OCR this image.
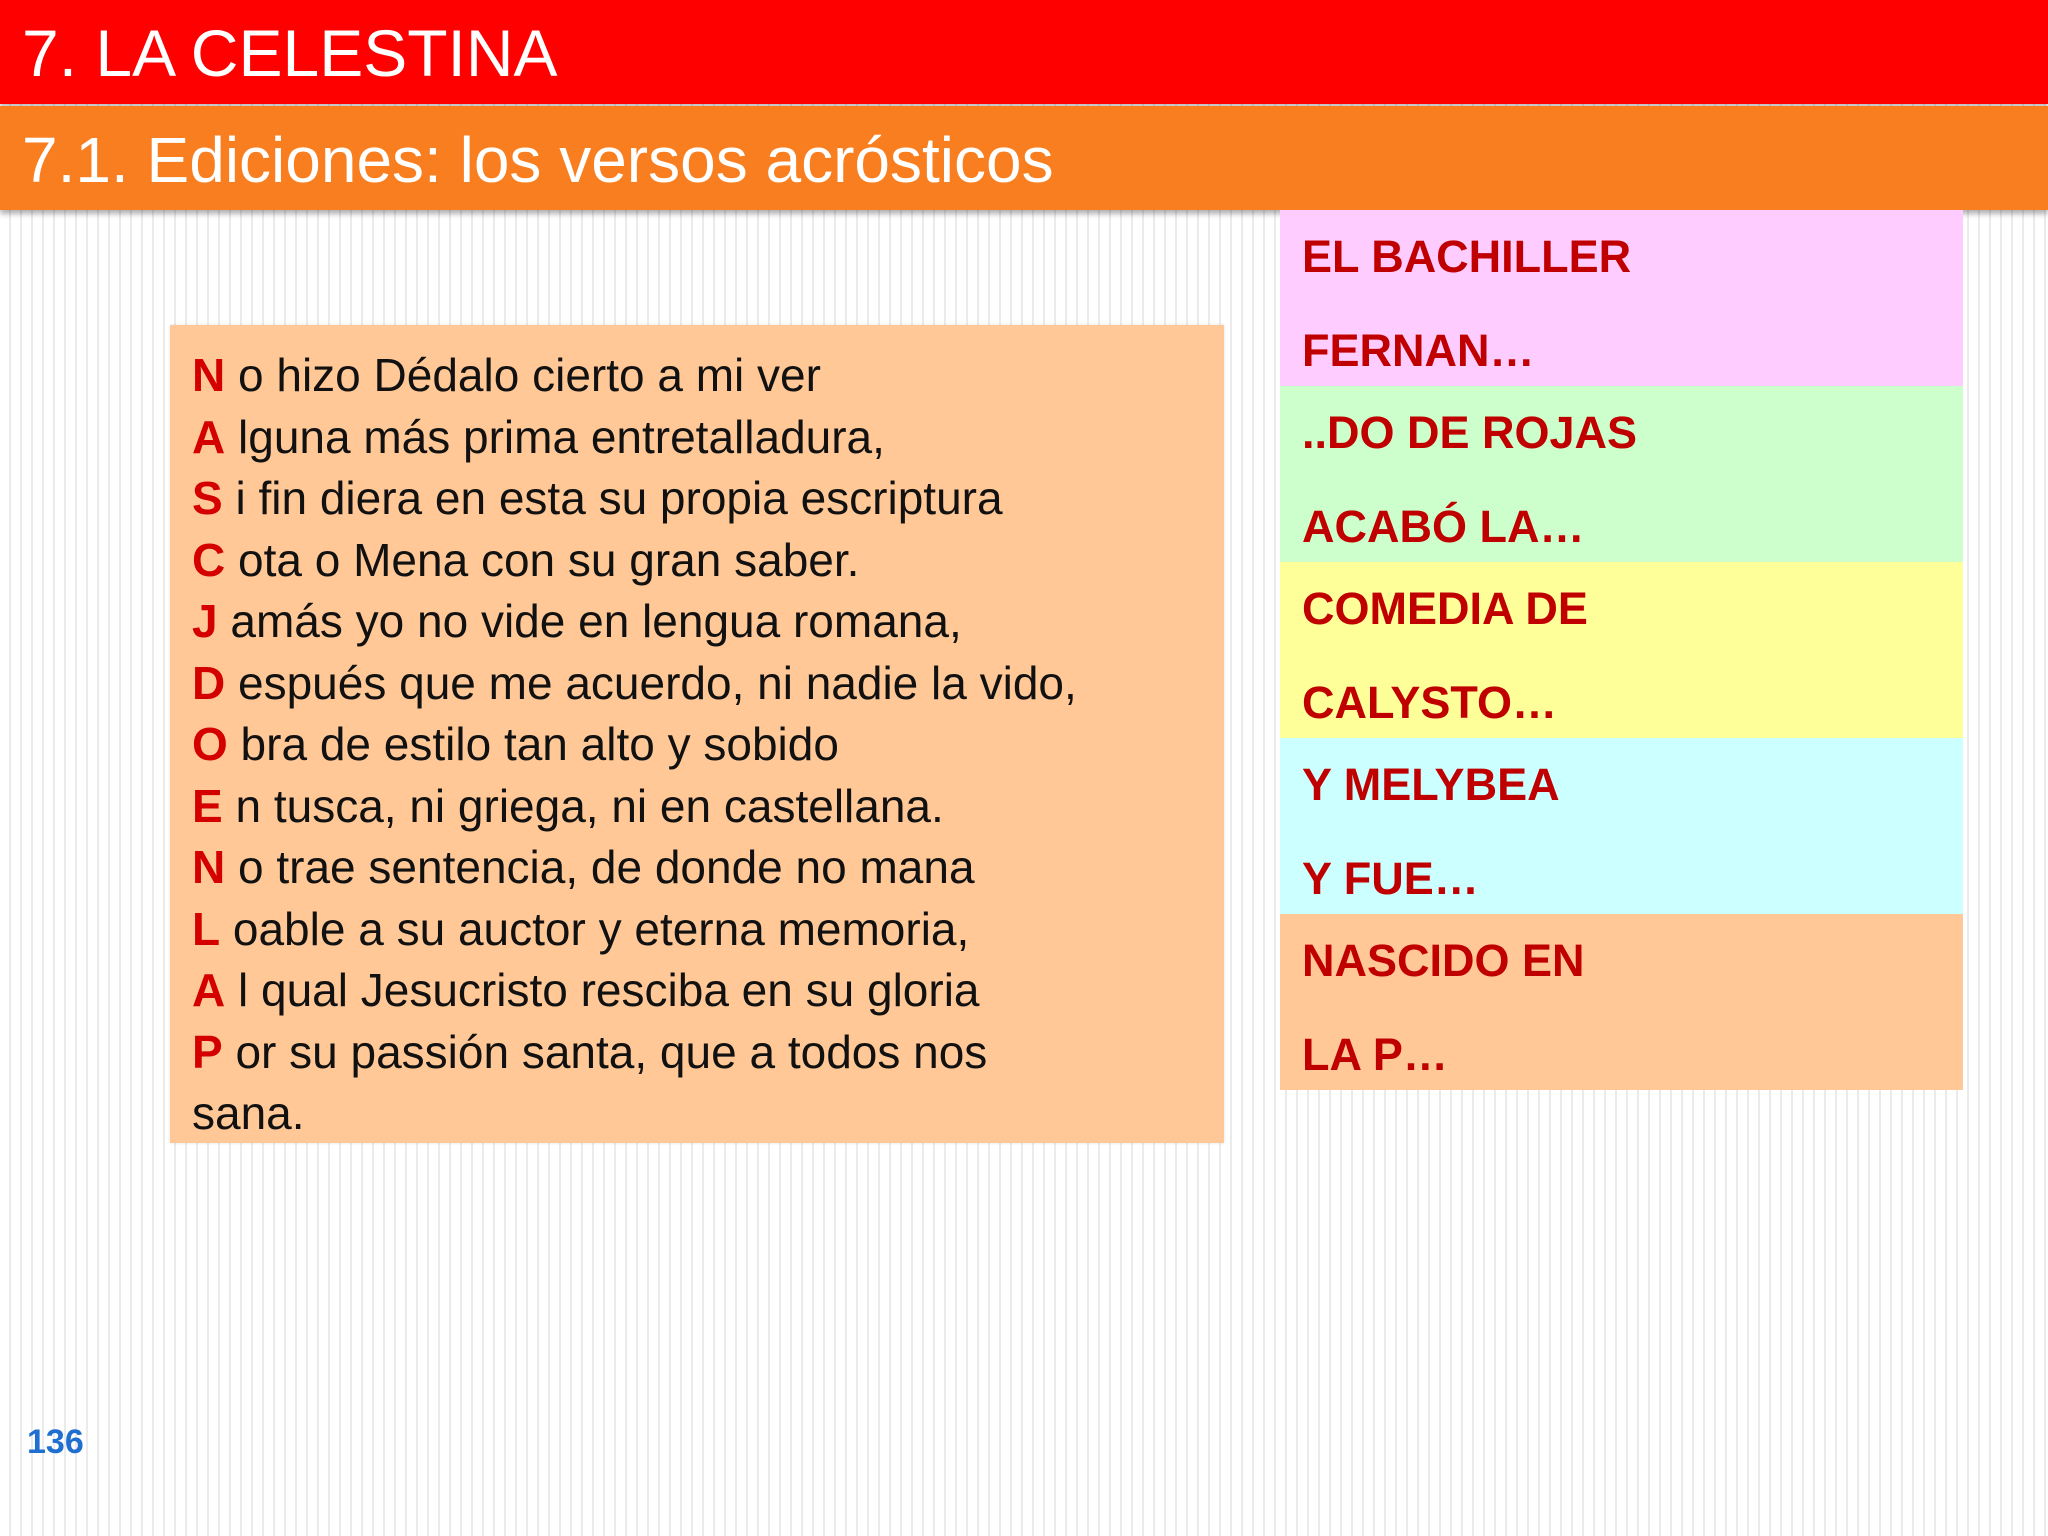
7. LA CELESTINA
7.1. Ediciones: los versos acrósticos
N o hizo Dédalo cierto a mi ver
A lguna más prima entretalladura,
S i fin diera en esta su propia escriptura
C ota o Mena con su gran saber.
J amás yo no vide en lengua romana,
D espués que me acuerdo, ni nadie la vido,
O bra de estilo tan alto y sobido
E n tusca, ni griega, ni en castellana.
N o trae sentencia, de donde no mana
L oable a su auctor y eterna memoria,
A l qual Jesucristo resciba en su gloria
P or su passión santa, que a todos nos
sana.
EL BACHILLER
FERNAN…
..DO DE ROJAS
ACABÓ LA…
COMEDIA DE
CALYSTO…
Y MELYBEA
Y FUE…
NASCIDO EN
LA P…
136
